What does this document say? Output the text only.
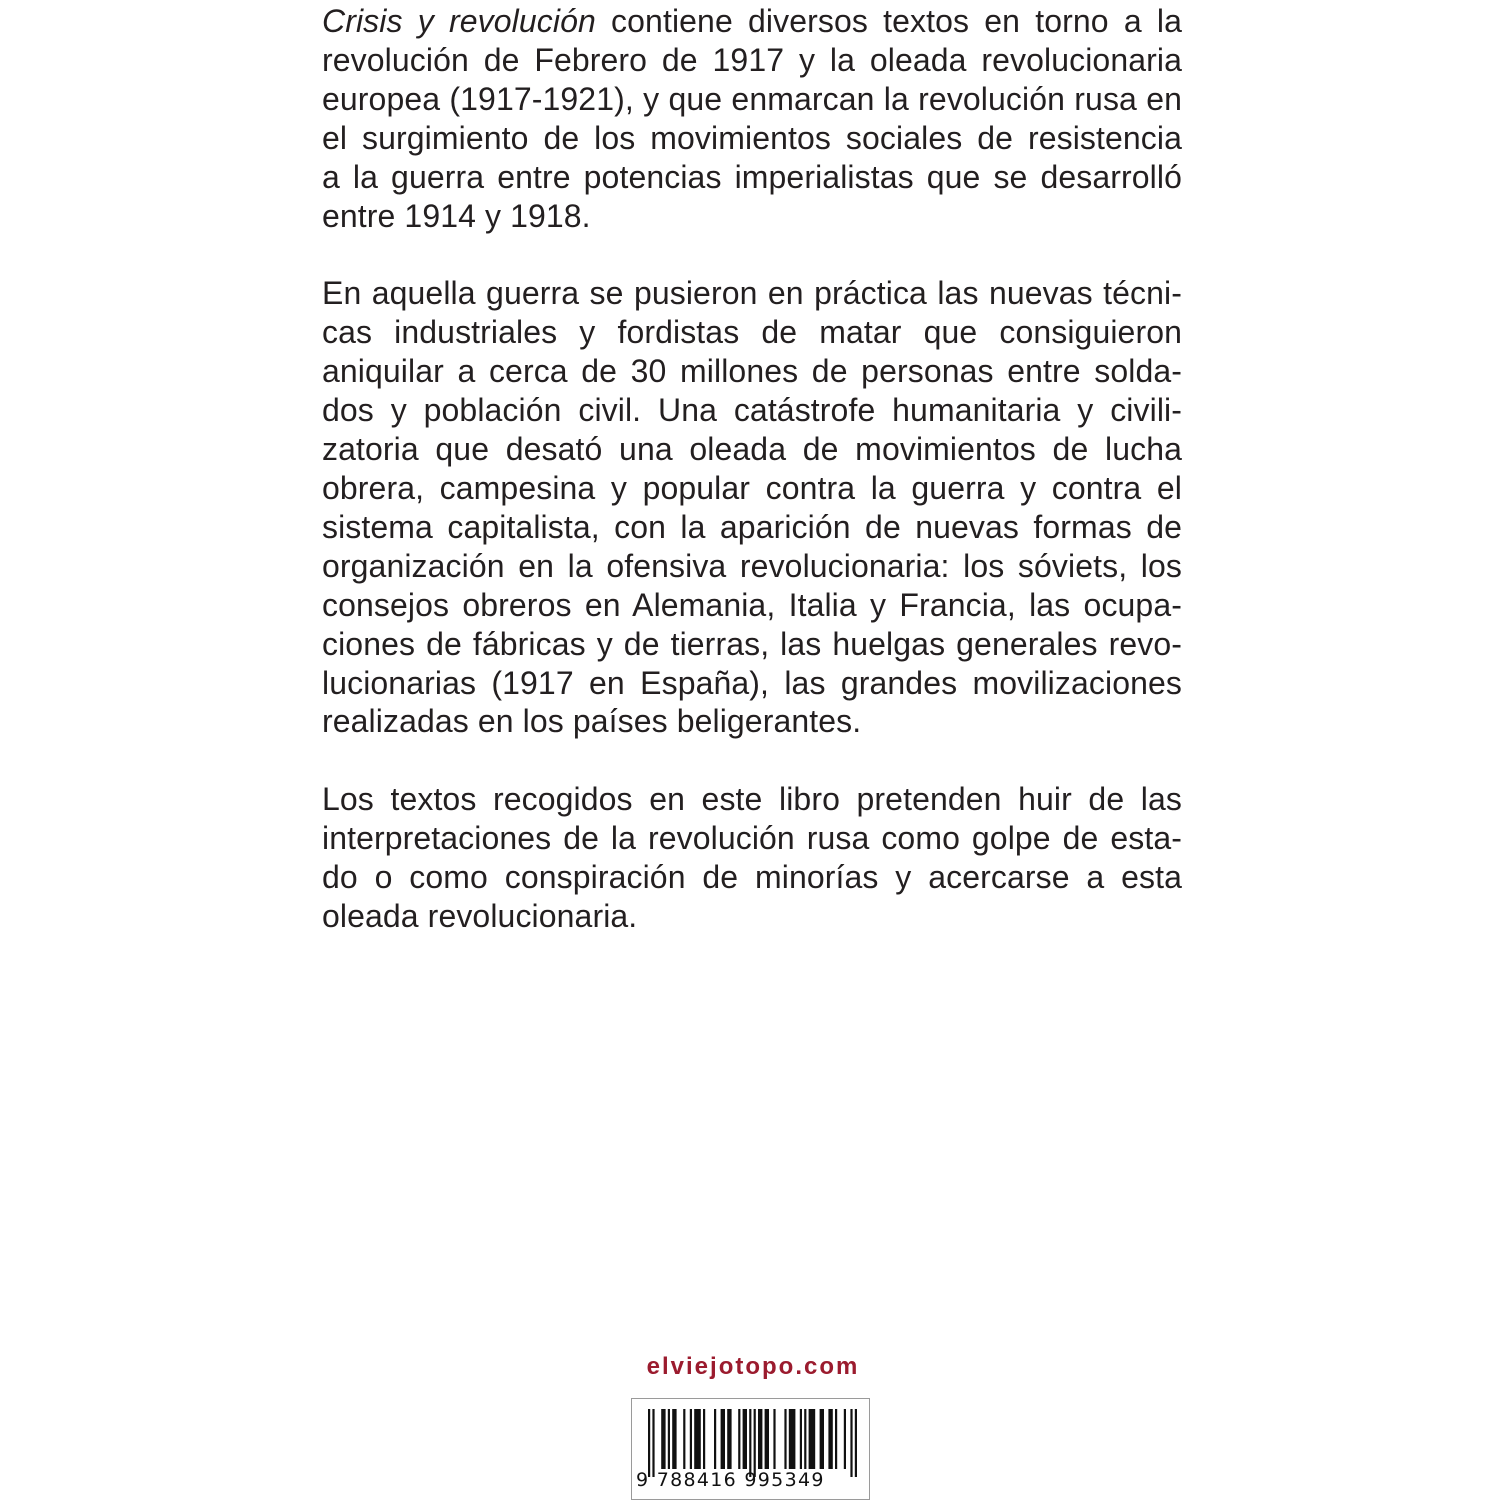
Crisis y revolución contiene diversos textos en torno a la
revolución de Febrero de 1917 y la oleada revolucionaria
europea (1917-1921), y que enmarcan la revolución rusa en
el surgimiento de los movimientos sociales de resistencia
a la guerra entre potencias imperialistas que se desarrolló
entre 1914 y 1918.

En aquella guerra se pusieron en práctica las nuevas técni-
cas industriales y fordistas de matar que consiguieron
aniquilar a cerca de 30 millones de personas entre solda-
dos y población civil. Una catástrofe humanitaria y civili-
zatoria que desató una oleada de movimientos de lucha
obrera, campesina y popular contra la guerra y contra el
sistema capitalista, con la aparición de nuevas formas de
organización en la ofensiva revolucionaria: los sóviets, los
consejos obreros en Alemania, Italia y Francia, las ocupa-
ciones de fábricas y de tierras, las huelgas generales revo-
lucionarias (1917 en España), las grandes movilizaciones
realizadas en los países beligerantes.

Los textos recogidos en este libro pretenden huir de las
interpretaciones de la revolución rusa como golpe de esta-
do o como conspiración de minorías y acercarse a esta
oleada revolucionaria.

elviejotopo.com
9 788416 995349
